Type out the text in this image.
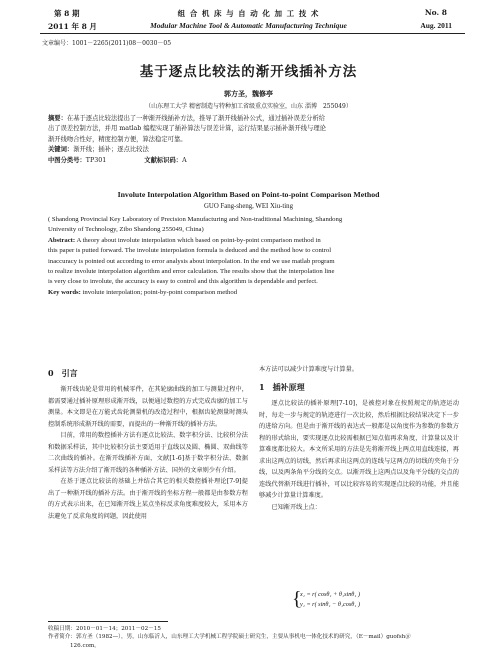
第 8 期	组 合 机 床 与 自 动 化 加 工 技 术	No. 8
2011 年 8 月	Modular Machine Tool & Automatic Manufacturing Technique	Aug. 2011
文章编号：1001－2265(2011)08－0030－05
基于逐点比较法的渐开线插补方法
郭方圣，魏修亭
（山东理工大学 精密制造与特种加工省级重点实验室，山东 淄博　255049）

摘要：在基于逐点比较法提出了一种渐开线插补方法，推导了渐开线插补公式，通过插补误差分析给

出了误差控制方法，并用 matlab 编程实现了插补算法与误差计算，运行结果显示插补渐开线与理论

渐开线吻合性好，精度控制方便，算法稳定可靠。

关键词：渐开线；插补；逐点比较法

中图分类号：TP301	文献标识码：A

Involute Interpolation Algorithm Based on Point-to-point Comparison Method
GUO Fang-sheng, WEI Xiu-ting
( Shandong Provincial Key Laboratory of Precision Manufacturing and Non-traditional Machining, Shandong
University of Technology, Zibo Shandong 255049, China)
Abstract: A theory about involute interpolation which based on point-by-point comparison method in
this paper is putted forward. The involute interpolation formula is deduced and the method how to control
inaccuracy is pointed out according to error analysis about interpolation. In the end we use matlab program
to realize involute interpolation algorithm and error calculation. The results show that the interpolation line
is very close to involute, the accuracy is easy to control and this algorithm is dependable and perfect.
Key words: involute interpolation; point-by-point comparison method
0　引言

渐开线齿轮是常用的机械零件，在其轮廓曲线的加工与测量过程中，都需要通过插补原理形成渐开线，以便通过数控的方式完成齿廓的加工与测量。本文即是在万能式齿轮测量机的改造过程中，根据齿轮测量时测头控制系统形成渐开线的需要，而提出的一种渐开线的插补方法。

目前，常用的数控插补方法有逐点比较法、数字积分法、比较积分法和数据采样法，其中比较积分法主要适用于直线以及圆、椭圆、双曲线等二次曲线的插补。在渐开线插补方面，文献[1-6]基于数字积分法、数据采样法等方法介绍了渐开线的各种插补方法、国外的文章则少有介绍。

在基于逐点比较法的基础上并结合其它的相关数控插补理论[7-9]提出了一种渐开线的插补方法。由于渐开线的坐标方程一般都是由参数方程的方式表示出来，在已知渐开线上某点坐标反求角度难度较大，采用本方法避免了反求角度的问题，因此使用

本方法可以减少计算难度与计算量。
1　插补原理

逐点比较法的插补原理[7-10]，是被控对象在按照规定的轨迹运动时，每走一步与规定的轨迹进行一次比较，然后根据比较结果决定下一步的进给方向。但是由于渐开线的表达式一般都是以角度作为参数的参数方程的形式给出，要实现逐点比较需根据已知点值再求角度，计算量以及计算难度都比较大。本文所采用的方法是先将渐开线上两点用直线连接，再求出这两点的切线，然后再求出这两点的连线与这两点的切线的夹角于分线，以及两条角平分线的交点。以渐开线上这两点以及角平分线的交点的连线代替渐开线进行插补，可以比较容易的实现逐点比较的功能，并且能够减少计算量计算难度。

已知渐开线上点：

{
x₁ = r( cosθ₁ + θ₁sinθ₁ )
y₁ = r( sinθ₁ − θ₁cosθ₁ )
收稿日期：2010－01－14；2011－02－15
作者简介：郭方圣（1982—），男，山东临沂人，山东理工大学机械工程学院硕士研究生，主要从事机电一体化技术的研究，（E－mail）guofsh＠
126.com。
